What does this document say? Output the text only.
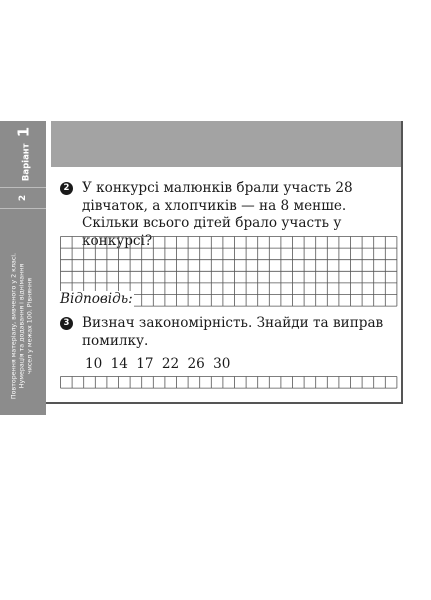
Варіант 1
2
Повторення матеріалу, вивченого у 2 класі. Нумерація та додавання і віднімання чисел у межах 100. Рівняння
2 У конкурсі малюнків брали участь 28 дівчаток, а хлопчиків — на 8 менше. Скільки всього дітей брало участь у конкурсі?
Відповідь:
3 Визнач закономірність. Знайди та виправ помилку.
10 14 17 22 26 30
